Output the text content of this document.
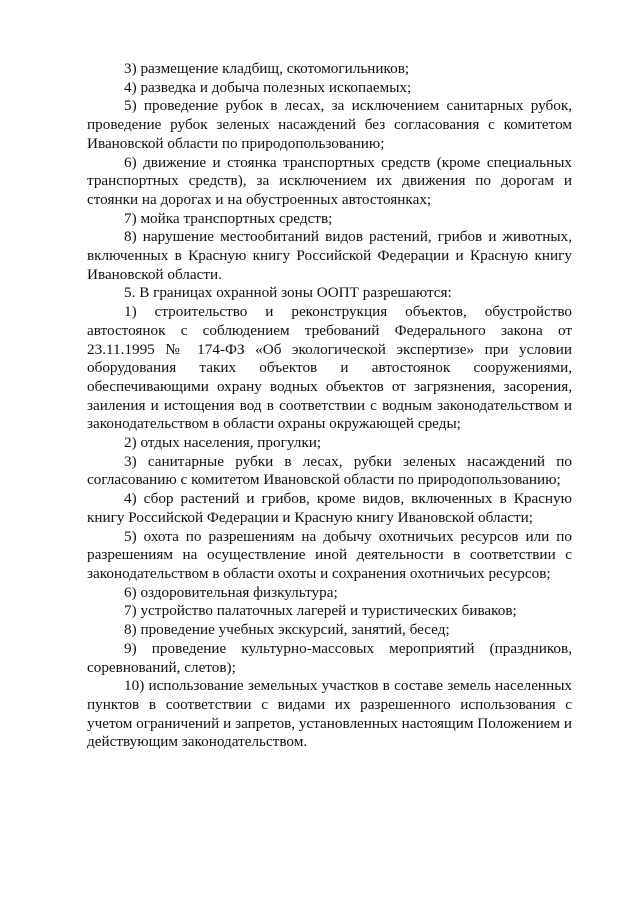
3) размещение кладбищ, скотомогильников;

4) разведка и добыча полезных ископаемых;

5) проведение рубок в лесах, за исключением санитарных рубок, проведение рубок зеленых насаждений без согласования с комитетом Ивановской области по природопользованию;

6) движение и стоянка транспортных средств (кроме специальных транспортных средств), за исключением их движения по дорогам и стоянки на дорогах и на обустроенных автостоянках;

7) мойка транспортных средств;

8) нарушение местообитаний видов растений, грибов и животных, включенных в Красную книгу Российской Федерации и Красную книгу Ивановской области.

5. В границах охранной зоны ООПТ разрешаются:

1) строительство и реконструкция объектов, обустройство автостоянок с соблюдением требований Федерального закона от 23.11.1995 № 174-ФЗ «Об экологической экспертизе» при условии оборудования таких объектов и автостоянок сооружениями, обеспечивающими охрану водных объектов от загрязнения, засорения, заиления и истощения вод в соответствии с водным законодательством и законодательством в области охраны окружающей среды;

2) отдых населения, прогулки;

3) санитарные рубки в лесах, рубки зеленых насаждений по согласованию с комитетом Ивановской области по природопользованию;

4) сбор растений и грибов, кроме видов, включенных в Красную книгу Российской Федерации и Красную книгу Ивановской области;

5) охота по разрешениям на добычу охотничьих ресурсов или по разрешениям на осуществление иной деятельности в соответствии с законодательством в области охоты и сохранения охотничьих ресурсов;

6) оздоровительная физкультура;

7) устройство палаточных лагерей и туристических биваков;

8) проведение учебных экскурсий, занятий, бесед;

9) проведение культурно-массовых мероприятий (праздников, соревнований, слетов);

10) использование земельных участков в составе земель населенных пунктов в соответствии с видами их разрешенного использования с учетом ограничений и запретов, установленных настоящим Положением и действующим законодательством.
